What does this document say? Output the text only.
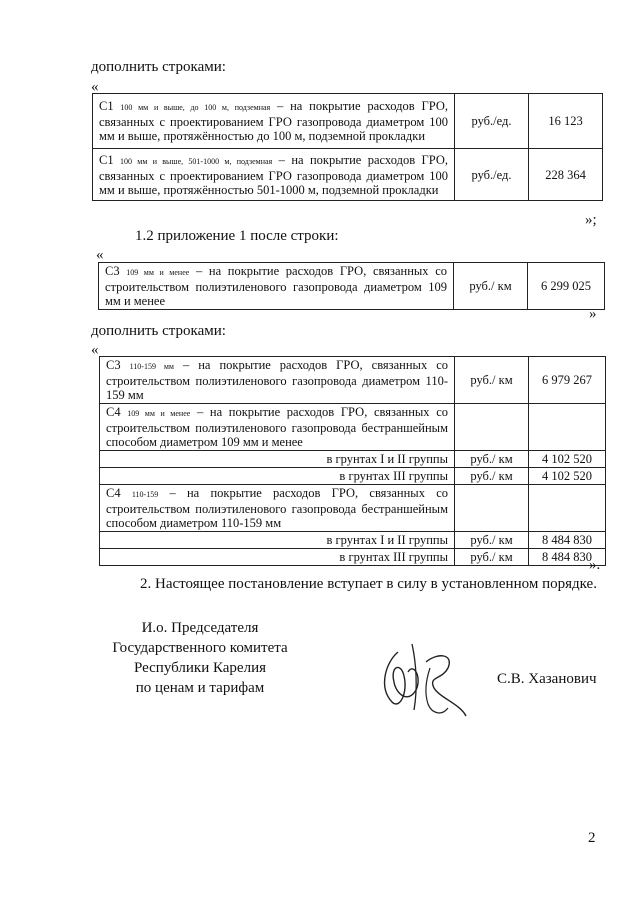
дополнить строками:
«
С1 100 мм и выше, до 100 м, подземная – на покрытие расходов ГРО, связанных с проектированием ГРО газопровода диаметром 100 мм и выше, протяжённостью до 100 м, подземной прокладки	руб./ед.	16 123
С1 100 мм и выше, 501-1000 м, подземная – на покрытие расходов ГРО, связанных с проектированием ГРО газопровода диаметром 100 мм и выше, протяжённостью 501-1000 м, подземной прокладки	руб./ед.	228 364
»;
1.2 приложение 1 после строки:
«
С3 109 мм и менее – на покрытие расходов ГРО, связанных со строительством полиэтиленового газопровода диаметром 109 мм и менее	руб./ км	6 299 025
»
дополнить строками:
«
С3 110-159 мм – на покрытие расходов ГРО, связанных со строительством полиэтиленового газопровода диаметром 110-159 мм	руб./ км	6 979 267
С4 109 мм и менее – на покрытие расходов ГРО, связанных со строительством полиэтиленового газопровода бестраншейным способом диаметром 109 мм и менее		
в грунтах I и II группы	руб./ км	4 102 520
в грунтах III группы	руб./ км	4 102 520
С4 110-159 – на покрытие расходов ГРО, связанных со строительством полиэтиленового газопровода бестраншейным способом диаметром 110-159 мм		
в грунтах I и II группы	руб./ км	8 484 830
в грунтах III группы	руб./ км	8 484 830
».
2. Настоящее постановление вступает в силу в установленном порядке.
И.о. Председателя
Государственного комитета
Республики Карелия
по ценам и тарифам
С.В. Хазанович
2
